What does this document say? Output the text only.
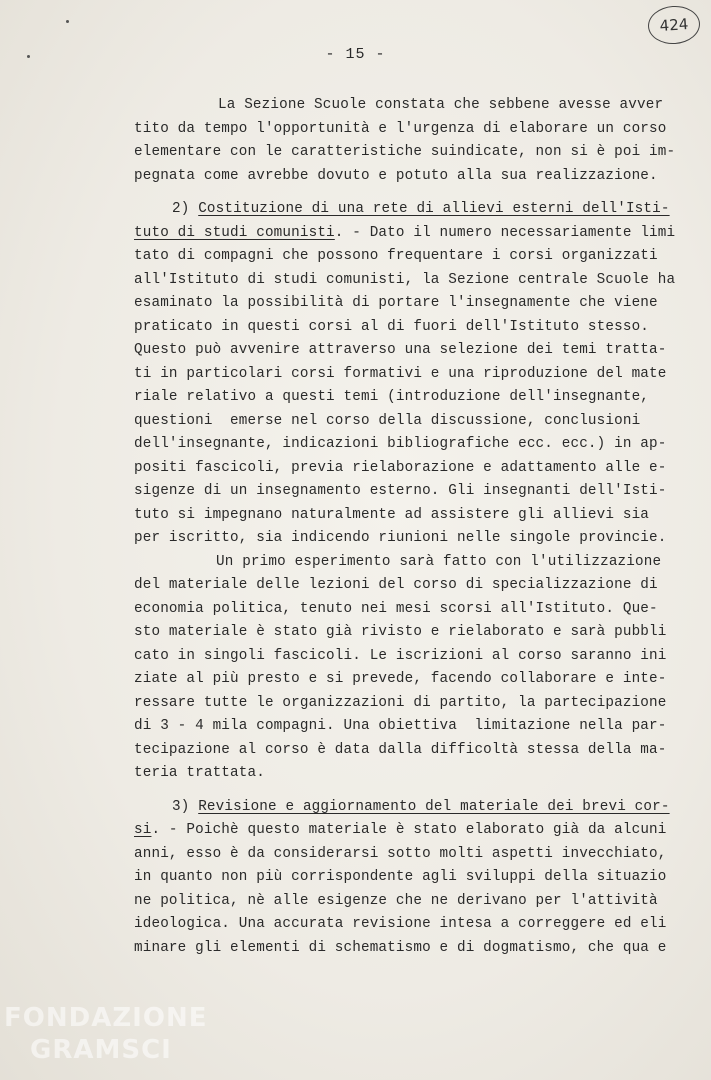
424
- 15 -
La Sezione Scuole constata che sebbene avesse avver
tito da tempo l'opportunità e l'urgenza di elaborare un corso
elementare con le caratteristiche suindicate, non si è poi im-
pegnata come avrebbe dovuto e potuto alla sua realizzazione.
2) Costituzione di una rete di allievi esterni dell'Isti-
tuto di studi comunisti. - Dato il numero necessariamente limi
tato di compagni che possono frequentare i corsi organizzati
all'Istituto di studi comunisti, la Sezione centrale Scuole ha
esaminato la possibilità di portare l'insegnamente che viene
praticato in questi corsi al di fuori dell'Istituto stesso.
Questo può avvenire attraverso una selezione dei temi tratta-
ti in particolari corsi formativi e una riproduzione del mate
riale relativo a questi temi (introduzione dell'insegnante,
questioni  emerse nel corso della discussione, conclusioni
dell'insegnante, indicazioni bibliografiche ecc. ecc.) in ap-
positi fascicoli, previa rielaborazione e adattamento alle e-
sigenze di un insegnamento esterno. Gli insegnanti dell'Isti-
tuto si impegnano naturalmente ad assistere gli allievi sia
per iscritto, sia indicendo riunioni nelle singole provincie.
Un primo esperimento sarà fatto con l'utilizzazione
del materiale delle lezioni del corso di specializzazione di
economia politica, tenuto nei mesi scorsi all'Istituto. Que-
sto materiale è stato già rivisto e rielaborato e sarà pubbli
cato in singoli fascicoli. Le iscrizioni al corso saranno ini
ziate al più presto e si prevede, facendo collaborare e inte-
ressare tutte le organizzazioni di partito, la partecipazione
di 3 - 4 mila compagni. Una obiettiva  limitazione nella par-
tecipazione al corso è data dalla difficoltà stessa della ma-
teria trattata.
3) Revisione e aggiornamento del materiale dei brevi cor-
si. - Poichè questo materiale è stato elaborato già da alcuni
anni, esso è da considerarsi sotto molti aspetti invecchiato,
in quanto non più corrispondente agli sviluppi della situazio
ne politica, nè alle esigenze che ne derivano per l'attività
ideologica. Una accurata revisione intesa a correggere ed eli
minare gli elementi di schematismo e di dogmatismo, che qua e
FONDAZIONE
GRAMSCI
